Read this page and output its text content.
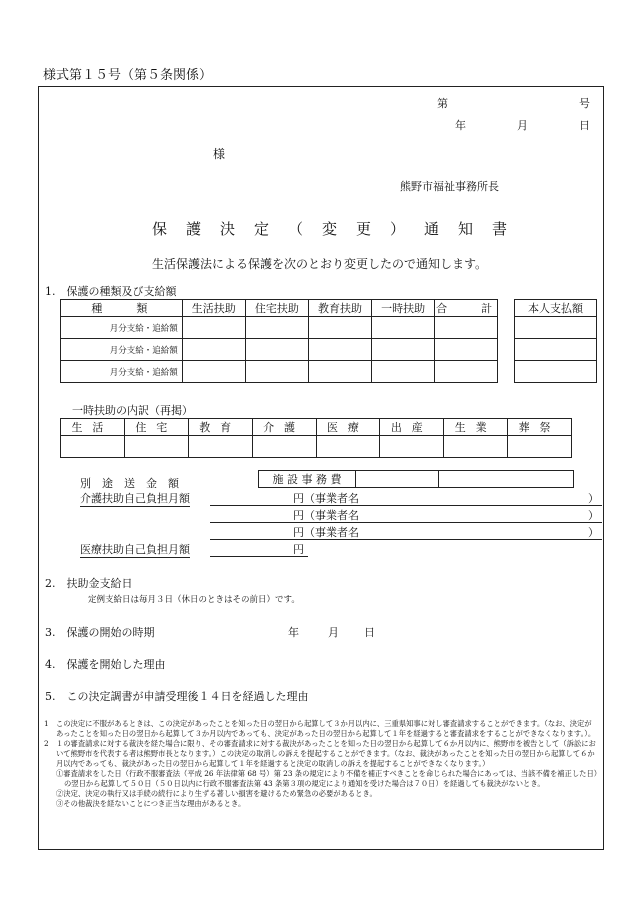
様式第１５号（第５条関係）
第	号
年	月	日
様
熊野市福祉事務所長
保護決定（変更）通知書
生活保護法による保護を次のとおり変更したので通知します。
1.　保護の種類及び支給額
種　　類	生活扶助	住宅扶助	教育扶助	一時扶助	合　　計
月分支給・追給額					
月分支給・追給額					
月分支給・追給額					
本人支払額

一時扶助の内訳（再掲）
生活	住宅	教育	介護	医療	出産	生業	葬祭

別　途　送　金　額	施 設 事 務 費		
介護扶助自己負担月額	円（事業者名	）
円（事業者名	）
円（事業者名	）
医療扶助自己負担月額	円
2.　扶助金支給日
定例支給日は毎月３日（休日のときはその前日）です。
3.　保護の開始の時期	年	月 日
4.　保護を開始した理由
5.　この決定調書が申請受理後１４日を経過した理由
1　この決定に不服があるときは、この決定があったことを知った日の翌日から起算して３か月以内に、三重県知事に対し審査請求することができます。（なお、決定があったことを知った日の翌日から起算して３か月以内であっても、決定があった日の翌日から起算して１年を経過すると審査請求をすることができなくなります。）。
2　１の審査請求に対する裁決を経た場合に限り、その審査請求に対する裁決があったことを知った日の翌日から起算して６か月以内に、熊野市を被告として（訴訟において熊野市を代表する者は熊野市長となります。）この決定の取消しの訴えを提起することができます。（なお、裁決があったことを知った日の翌日から起算して６か月以内であっても、裁決があった日の翌日から起算して１年を経過すると決定の取消しの訴えを提起することができなくなります。）
①審査請求をした日（行政不服審査法（平成 26 年法律第 68 号）第 23 条の規定により不備を補正すべきことを命じられた場合にあっては、当該不備を補正した日）の翌日から起算して５０日（５０日以内に行政不服審査法第 43 条第３項の規定により通知を受けた場合は７０日）を経過しても裁決がないとき。
②決定、決定の執行又は手続の続行により生ずる著しい損害を避けるため緊急の必要があるとき。
③その他裁決を経ないことにつき正当な理由があるとき。
